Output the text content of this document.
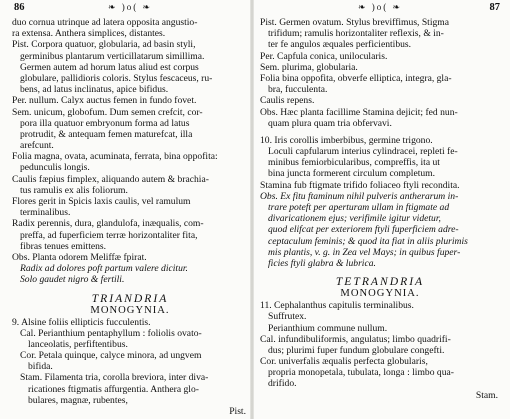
86	❧ )o( ❧
duo cornua utrinque ad latera opposita angustio-
ra extensa. Anthera simplices, distantes.
Pist. Corpora quatuor, globularia, ad basin styli,
germinibus plantarum verticillatarum simillima.
Germen autem ad horum latus aliud est corpus
globulare, pallidioris coloris. Stylus fescaceus, ru-
bens, ad latus inclinatus, apice bifidus.
Per. nullum. Calyx auctus femen in fundo fovet.
Sem. unicum, globofum. Dum semen crefcit, cor-
pora illa quatuor embryonum forma ad latus
protrudit, & antequam femen maturefcat, illa
arefcunt.
Folia magna, ovata, acuminata, ferrata, bina oppofita:
pedunculis longis.
Caulis fæpius fimplex, aliquando autem & brachia-
tus ramulis ex alis foliorum.
Flores gerit in Spicis laxis caulis, vel ramulum
terminalibus.
Radix perennis, dura, glandulofa, inæqualis, com-
preffa, ad fuperficiem terræ horizontaliter fita,
fibras tenues emittens.
Obs. Planta odorem Meliffæ fpirat.
Radix ad dolores poft partum valere dicitur.
Solo gaudet nigro & fertili.
TRIANDRIA
MONOGYNIA.
9. Alsine foliis ellipticis fucculentis.
Cal. Perianthium pentaphyllum : foliolis ovato-
lanceolatis, perfiftentibus.
Cor. Petala quinque, calyce minora, ad ungvem
bifida.
Stam. Filamenta tria, corolla breviora, inter diva-
ricationes ftigmatis affurgentia. Anthera glo-
bulares, magnæ, rubentes,
Pist.
❧ )o( ❧	87
Pist. Germen ovatum. Stylus breviffimus, Stigma
trifidum; ramulis horizontaliter reflexis, & in-
ter fe angulos æquales perficientibus.
Per. Capfula conica, unilocularis.
Sem. plurima, globularia.
Folia bina oppofita, obverfe elliptica, integra, gla-
bra, fucculenta.
Caulis repens.
Obs. Hæc planta facillime Stamina dejicit; fed nun-
quam plura quam tria obfervavi.
10. Iris corollis imberbibus, germine trigono.
Loculi capfularum interius cylindracei, repleti fe-
minibus femiorbicularibus, compreffis, ita ut
bina juncta formerent circulum completum.
Stamina fub ftigmate trifido foliaceo ftyli recondita.
Obs. Ex fitu ftaminum nihil pulveris antherarum in-
trare poteft per aperturam ullam in ftigmate ad
divaricationem ejus; verifimile igitur videtur,
quod elifcat per exteriorem ftyli fuperficiem adre-
ceptaculum feminis; & quod ita fiat in aliis plurimis
mis plantis, v. g. in Zea vel Mays; in quibus fuper-
ficies ftyli glabra & lubrica.
TETRANDRIA
MONOGYNIA.
11. Cephalanthus capitulis terminalibus.
Suffrutex.
Perianthium commune nullum.
Cal. infundibuliformis, angulatus; limbo quadrifi-
dus; plurimi fuper fundum globulare congefti.
Cor. univerfalis æqualis perfecta globularis,
propria monopetala, tubulata, longa : limbo qua-
drifido.
Stam.
